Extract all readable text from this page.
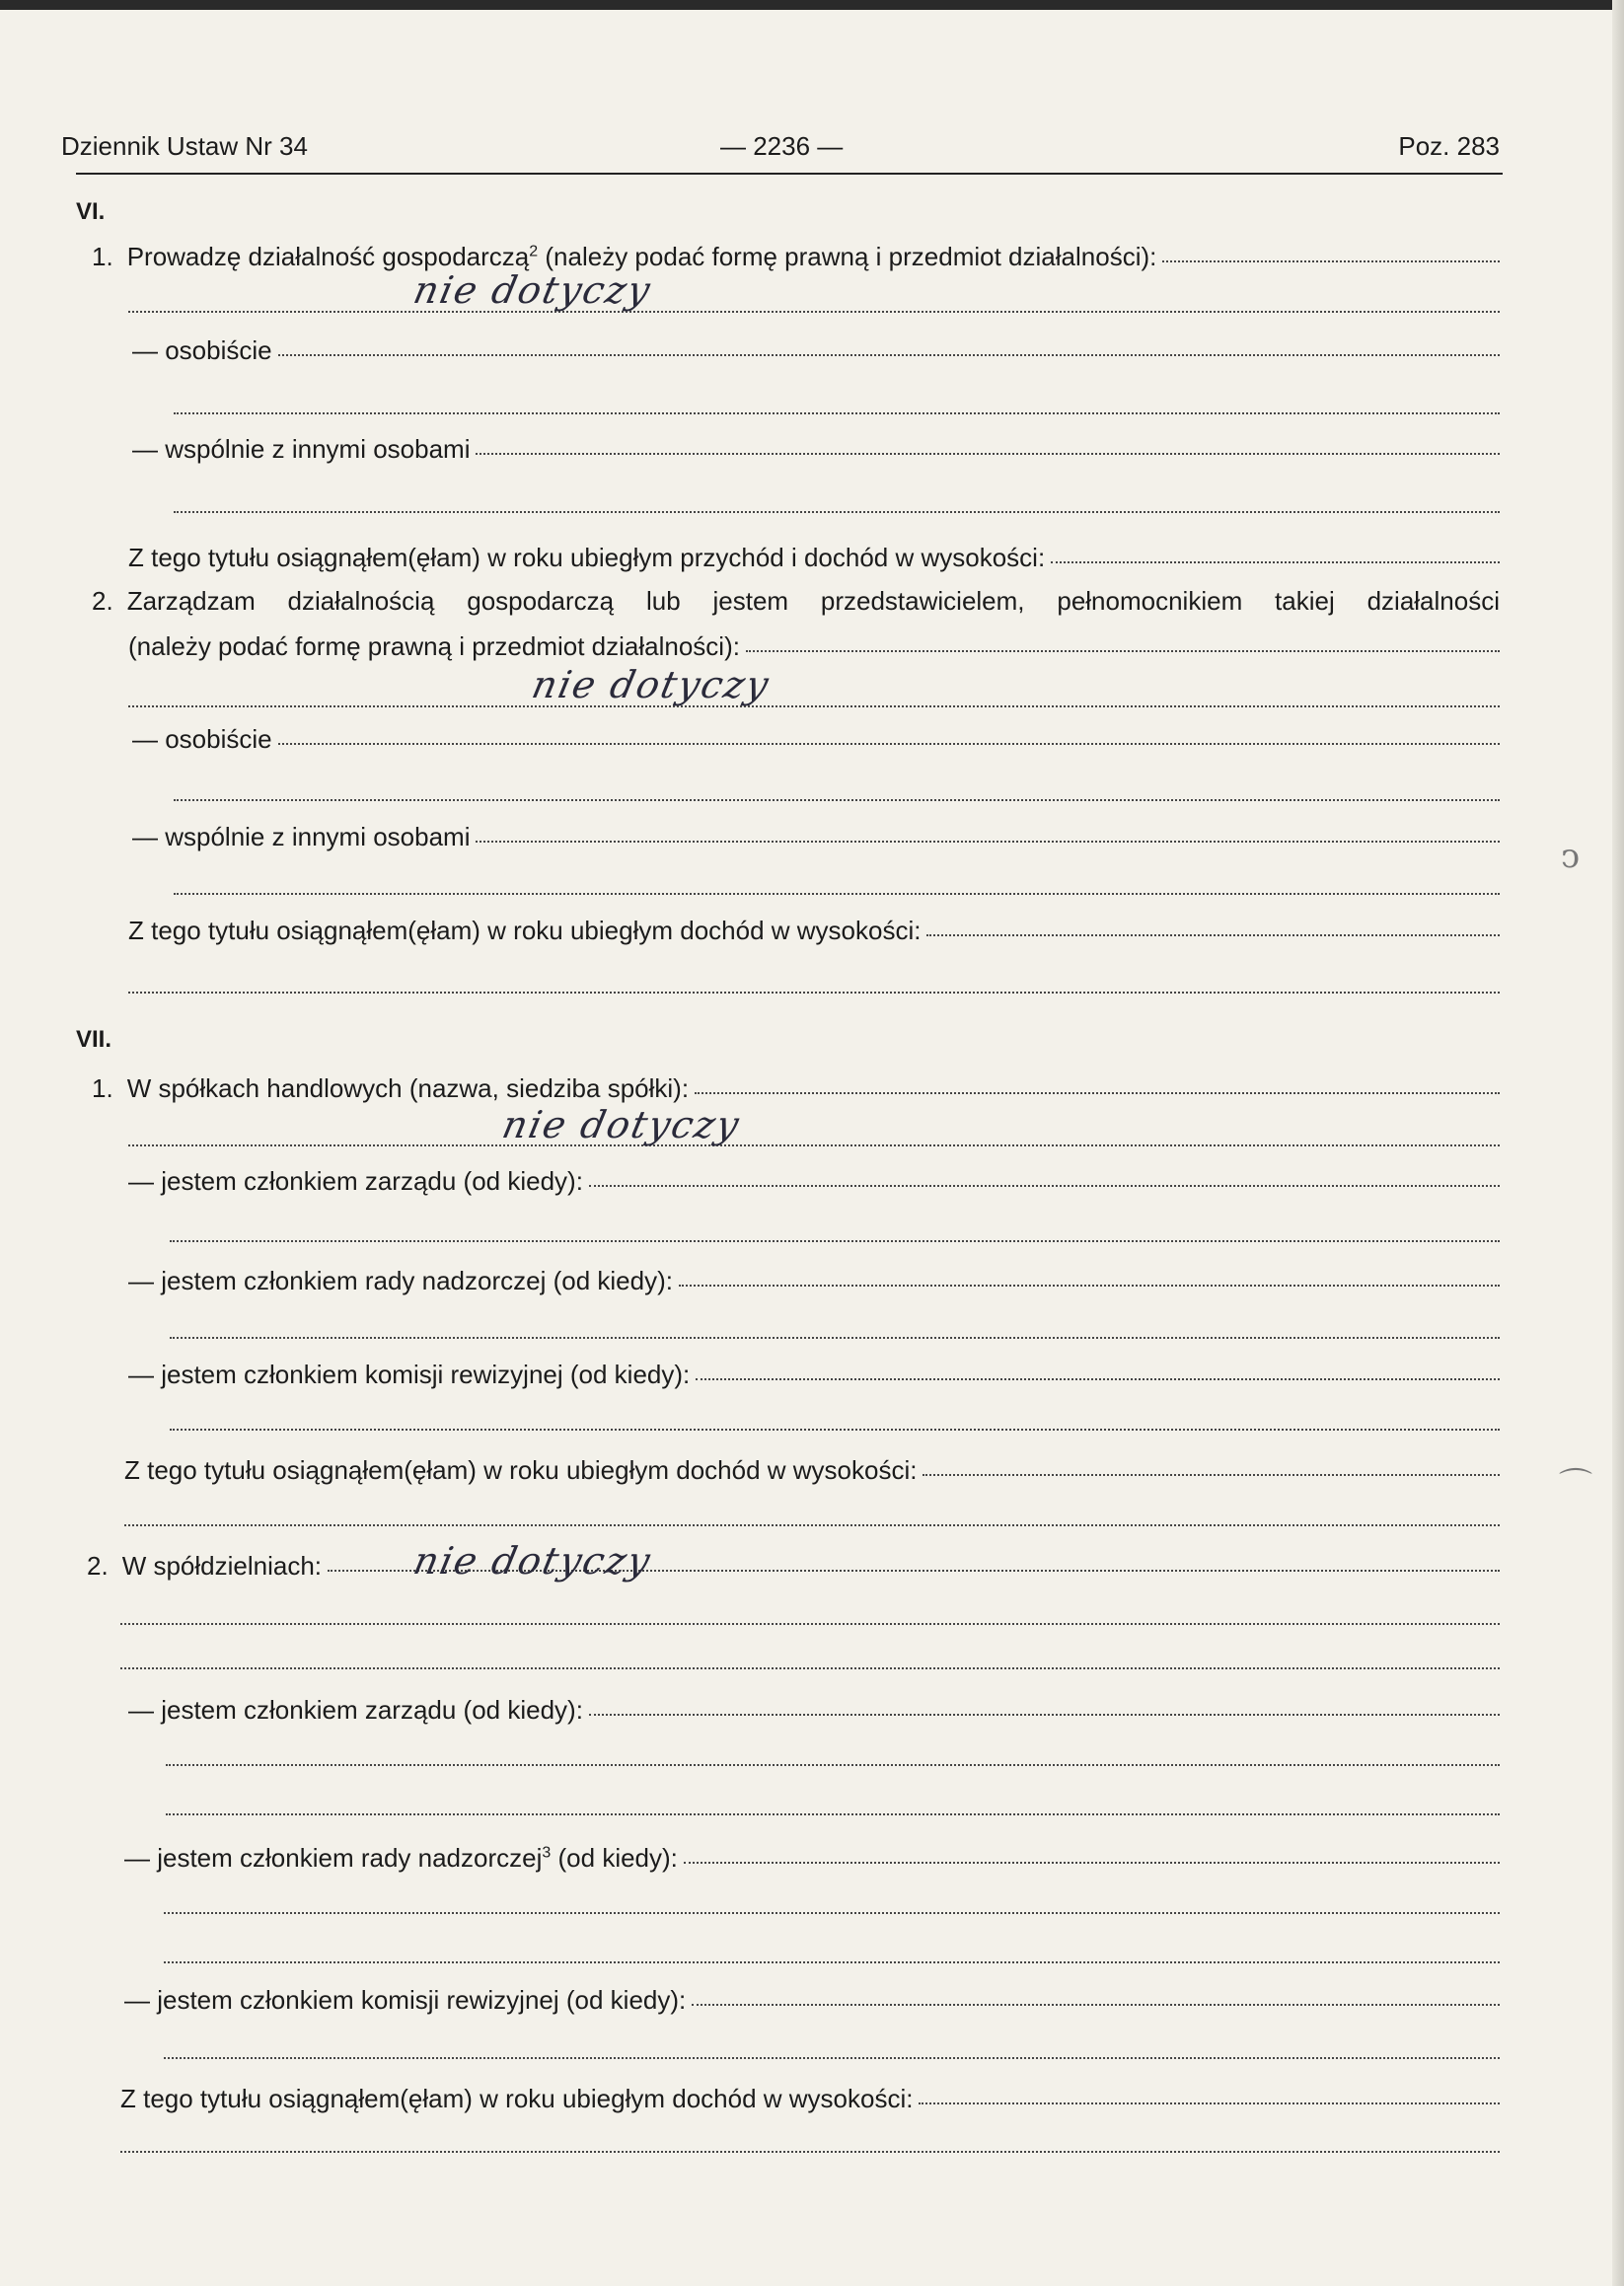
Dziennik Ustaw Nr 34	— 2236 —	Poz. 283
VI.
1. Prowadzę działalność gospodarczą$^2$ (należy podać formę prawną i przedmiot działalności):
nie dotyczy
— osobiście
— wspólnie z innymi osobami
Z tego tytułu osiągnąłem(ęłam) w roku ubiegłym przychód i dochód w wysokości:
2. Zarządzam działalnością gospodarczą lub jestem przedstawicielem, pełnomocnikiem takiej działalności
(należy podać formę prawną i przedmiot działalności):
nie dotyczy
— osobiście
— wspólnie z innymi osobami
Z tego tytułu osiągnąłem(ęłam) w roku ubiegłym dochód w wysokości:
VII.
1. W spółkach handlowych (nazwa, siedziba spółki):
nie dotyczy
— jestem członkiem zarządu (od kiedy):
— jestem członkiem rady nadzorczej (od kiedy):
— jestem członkiem komisji rewizyjnej (od kiedy):
Z tego tytułu osiągnąłem(ęłam) w roku ubiegłym dochód w wysokości:
2. W spółdzielniach: nie dotyczy
— jestem członkiem zarządu (od kiedy):
— jestem członkiem rady nadzorczej$^3$ (od kiedy):
— jestem członkiem komisji rewizyjnej (od kiedy):
Z tego tytułu osiągnąłem(ęłam) w roku ubiegłym dochód w wysokości:
ↄ
⌒
